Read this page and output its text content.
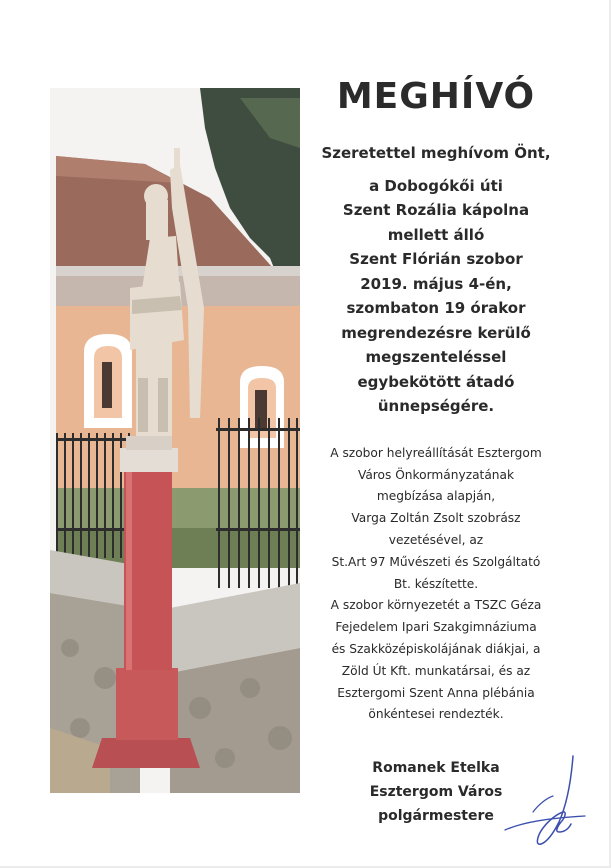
MEGHÍVÓ
Szeretettel meghívom Önt,
a Dobogókői úti
Szent Rozália kápolna
mellett álló
Szent Flórián szobor
2019. május 4-én,
szombaton 19 órakor
megrendezésre kerülő
megszenteléssel
egybekötött átadó
ünnepségére.
A szobor helyreállítását Esztergom
Város Önkormányzatának
megbízása alapján,
Varga Zoltán Zsolt szobrász
vezetésével, az
St.Art 97 Művészeti és Szolgáltató
Bt. készítette.
A szobor környezetét a TSZC Géza
Fejedelem Ipari Szakgimnáziuma
és Szakközépiskolájának diákjai, a
Zöld Út Kft. munkatársai, és az
Esztergomi Szent Anna plébánia
önkéntesei rendezték.
Romanek Etelka
Esztergom Város
polgármestere
